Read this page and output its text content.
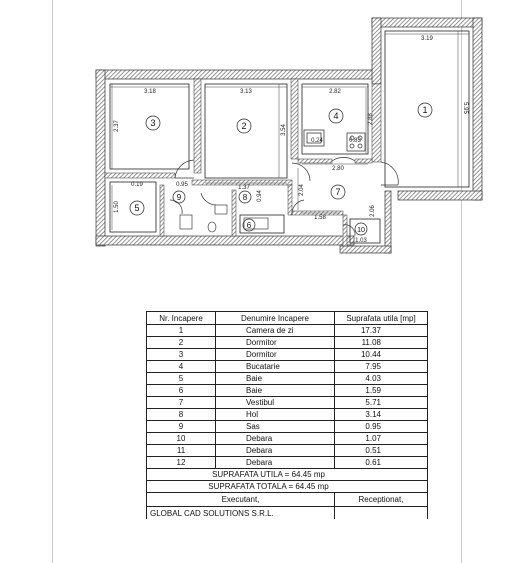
1
2
3
4
5
6
7
8
9
10
3.19
5.95
3.18	3.13	2.82
2.37	3.54
2.88
0.83
1.50
0.95	1.37	2.04
0.94
2.80
1.58
2.06
1.03
0.19
0.24
Nr. Incapere	Denumire Incapere	Suprafata utila [mp]
1	Camera de zi	17.37
2	Dormitor	11.08
3	Dormitor	10.44
4	Bucatarie	7.95
5	Baie	4.03
6	Baie	1.59
7	Vestibul	5.71
8	Hol	3.14
9	Sas	0.95
10	Debara	1.07
11	Debara	0.51
12	Debara	0.61
SUPRAFATA UTILA = 64.45 mp		
SUPRAFATA TOTALA = 64.45 mp		
Executant,		Receptionat,
GLOBAL CAD SOLUTIONS S.R.L.		
